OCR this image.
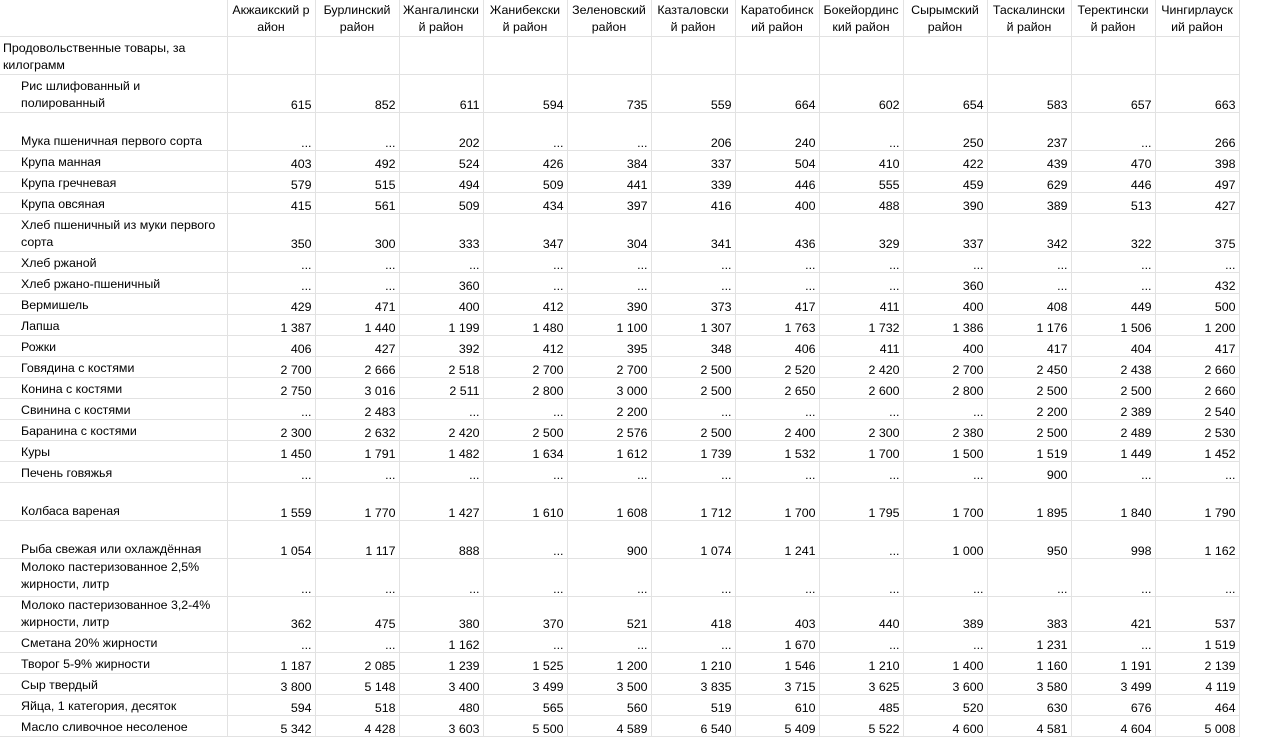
	Акжаикский район	Бурлинский район	Жангалинский район	Жанибекский район	Зеленовский район	Казталовский район	Каратобинский район	Бокейординский район	Сырымский район	Таскалинский район	Теректинский район	Чингирлауский район
Продовольственные товары, за килограмм												
Рис шлифованный и полированный	615	852	611	594	735	559	664	602	654	583	657	663
Мука пшеничная первого сорта	...	...	202	...	...	206	240	...	250	237	...	266
Крупа манная	403	492	524	426	384	337	504	410	422	439	470	398
Крупа гречневая	579	515	494	509	441	339	446	555	459	629	446	497
Крупа овсяная	415	561	509	434	397	416	400	488	390	389	513	427
Хлеб пшеничный из муки первого сорта	350	300	333	347	304	341	436	329	337	342	322	375
Хлеб ржаной	...	...	...	...	...	...	...	...	...	...	...	...
Хлеб ржано-пшеничный	...	...	360	...	...	...	...	...	360	...	...	432
Вермишель	429	471	400	412	390	373	417	411	400	408	449	500
Лапша	1 387	1 440	1 199	1 480	1 100	1 307	1 763	1 732	1 386	1 176	1 506	1 200
Рожки	406	427	392	412	395	348	406	411	400	417	404	417
Говядина с костями	2 700	2 666	2 518	2 700	2 700	2 500	2 520	2 420	2 700	2 450	2 438	2 660
Конина с костями	2 750	3 016	2 511	2 800	3 000	2 500	2 650	2 600	2 800	2 500	2 500	2 660
Свинина с костями	...	2 483	...	...	2 200	...	...	...	...	2 200	2 389	2 540
Баранина с костями	2 300	2 632	2 420	2 500	2 576	2 500	2 400	2 300	2 380	2 500	2 489	2 530
Куры	1 450	1 791	1 482	1 634	1 612	1 739	1 532	1 700	1 500	1 519	1 449	1 452
Печень говяжья	...	...	...	...	...	...	...	...	...	900	...	...
Колбаса вареная	1 559	1 770	1 427	1 610	1 608	1 712	1 700	1 795	1 700	1 895	1 840	1 790
Рыба свежая или охлаждённая	1 054	1 117	888	...	900	1 074	1 241	...	1 000	950	998	1 162
Молоко пастеризованное 2,5% жирности, литр	...	...	...	...	...	...	...	...	...	...	...	...
Молоко пастеризованное 3,2-4% жирности, литр	362	475	380	370	521	418	403	440	389	383	421	537
Сметана 20% жирности	...	...	1 162	...	...	...	1 670	...	...	1 231	...	1 519
Творог 5-9% жирности	1 187	2 085	1 239	1 525	1 200	1 210	1 546	1 210	1 400	1 160	1 191	2 139
Сыр твердый	3 800	5 148	3 400	3 499	3 500	3 835	3 715	3 625	3 600	3 580	3 499	4 119
Яйца, 1 категория, десяток	594	518	480	565	560	519	610	485	520	630	676	464
Масло сливочное несоленое	5 342	4 428	3 603	5 500	4 589	6 540	5 409	5 522	4 600	4 581	4 604	5 008
